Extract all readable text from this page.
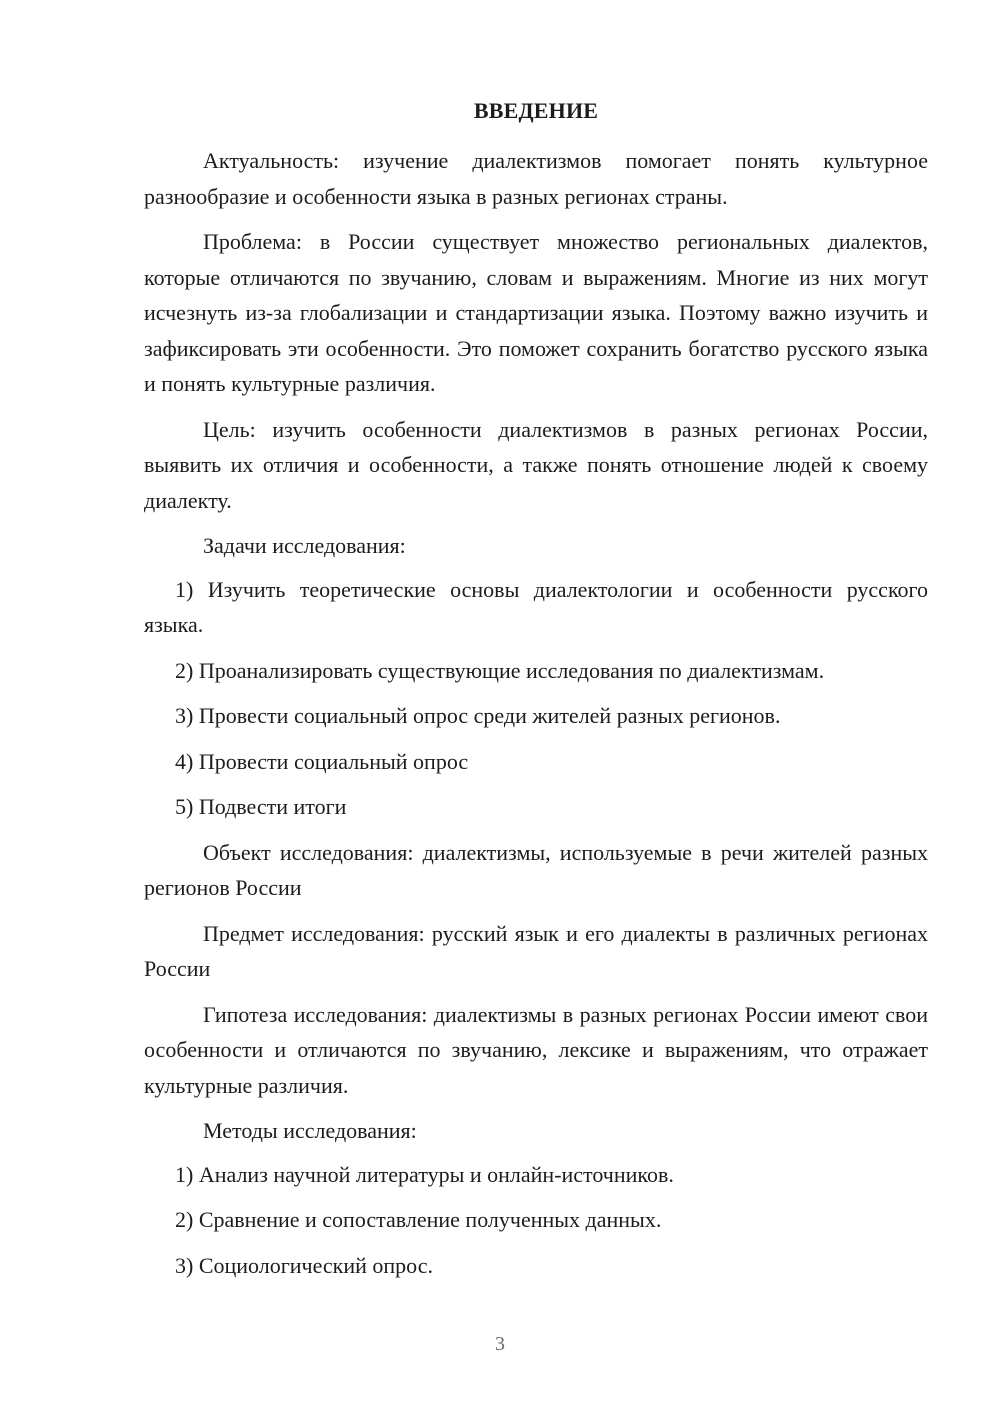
ВВЕДЕНИЕ

Актуальность: изучение диалектизмов помогает понять культурное разнообразие и особенности языка в разных регионах страны.

Проблема: в России существует множество региональных диалектов, которые отличаются по звучанию, словам и выражениям. Многие из них могут исчезнуть из-за глобализации и стандартизации языка. Поэтому важно изучить и зафиксировать эти особенности. Это поможет сохранить богатство русского языка и понять культурные различия.

Цель: изучить особенности диалектизмов в разных регионах России, выявить их отличия и особенности, а также понять отношение людей к своему диалекту.

Задачи исследования:

1) Изучить теоретические основы диалектологии и особенности русского языка.

2) Проанализировать существующие исследования по диалектизмам.

3) Провести социальный опрос среди жителей разных регионов.

4) Провести социальный опрос

5) Подвести итоги

Объект исследования: диалектизмы, используемые в речи жителей разных регионов России

Предмет исследования: русский язык и его диалекты в различных регионах России

Гипотеза исследования: диалектизмы в разных регионах России имеют свои особенности и отличаются по звучанию, лексике и выражениям, что отражает культурные различия.

Методы исследования:

1) Анализ научной литературы и онлайн-источников.

2) Сравнение и сопоставление полученных данных.

3) Социологический опрос.

3
